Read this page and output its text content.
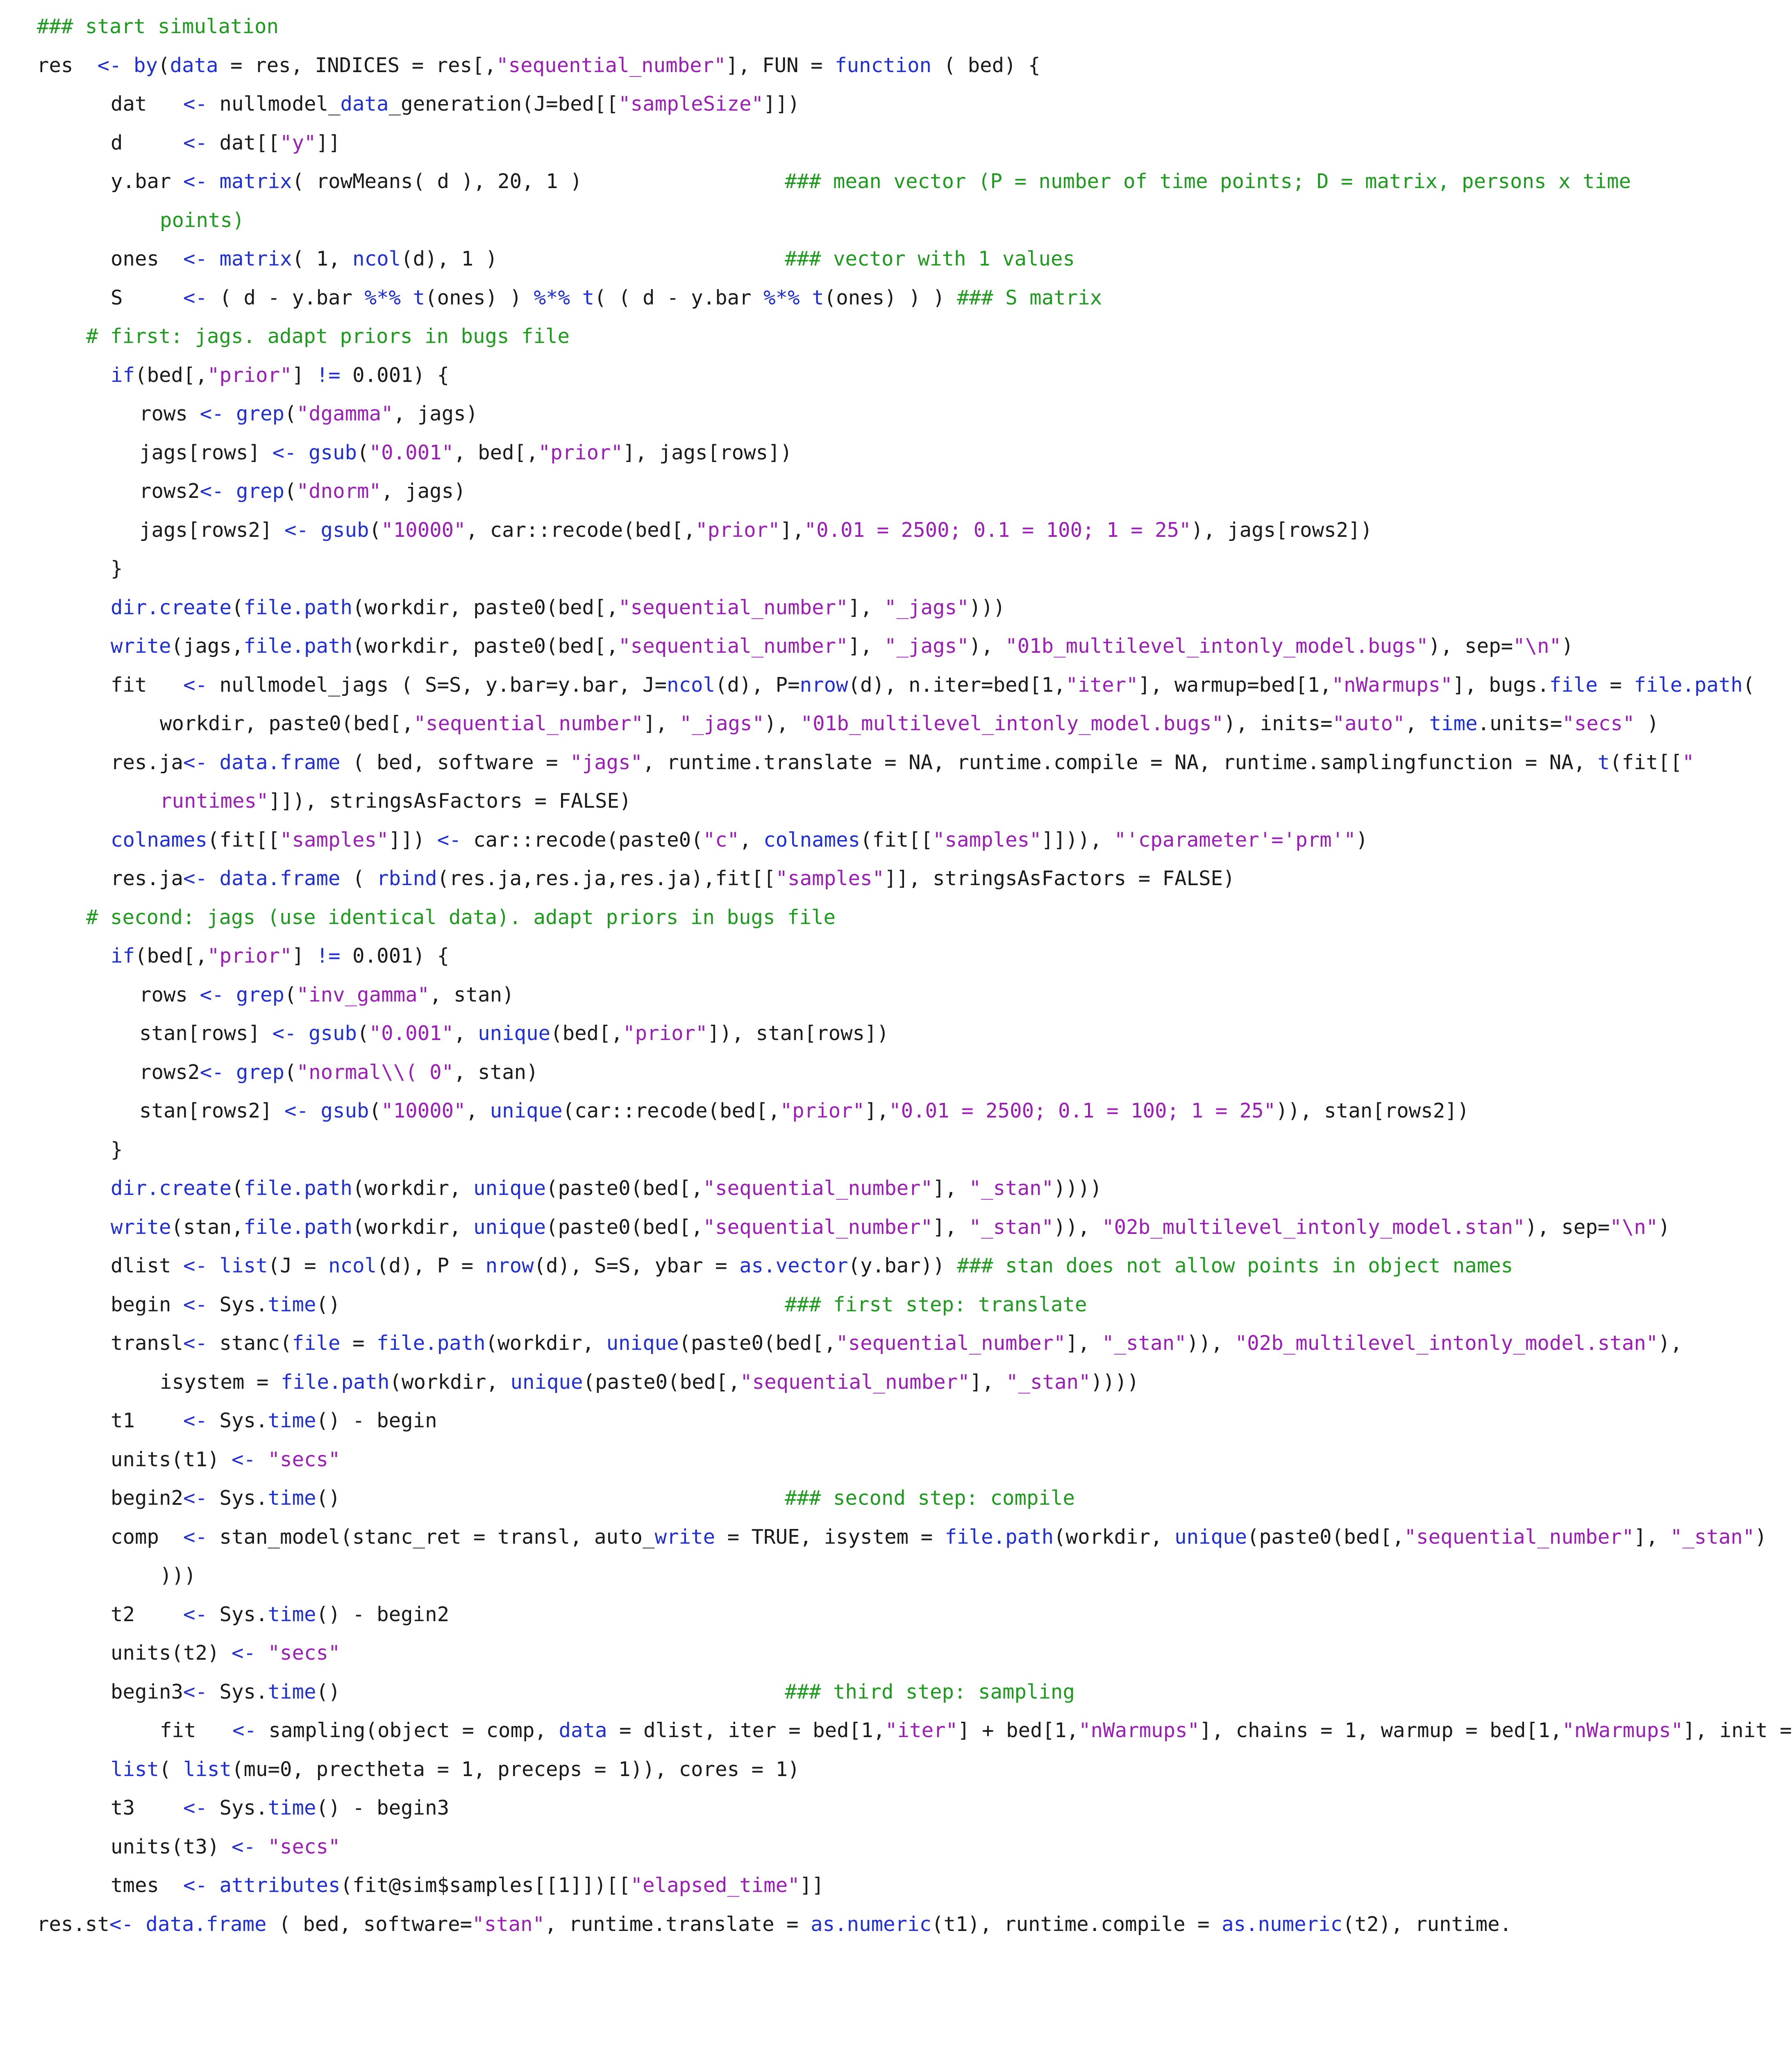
### start simulation
res  <- by(data = res, INDICES = res[,"sequential_number"], FUN = function ( bed) {
dat   <- nullmodel_data_generation(J=bed[["sampleSize"]])
d     <- dat[["y"]]
y.bar <- matrix( rowMeans( d ), 20, 1 )
points)
ones  <- matrix( 1, ncol(d), 1 )
S     <- ( d - y.bar %*% t(ones) ) %*% t( ( d - y.bar %*% t(ones) ) ) ### S matrix
# first: jags. adapt priors in bugs file
if(bed[,"prior"] != 0.001) {
rows <- grep("dgamma", jags)
jags[rows] <- gsub("0.001", bed[,"prior"], jags[rows])
rows2<- grep("dnorm", jags)
jags[rows2] <- gsub("10000", car::recode(bed[,"prior"],"0.01 = 2500; 0.1 = 100; 1 = 25"), jags[rows2])
}
dir.create(file.path(workdir, paste0(bed[,"sequential_number"], "_jags")))
write(jags,file.path(workdir, paste0(bed[,"sequential_number"], "_jags"), "01b_multilevel_intonly_model.bugs"), sep="\n")
fit   <- nullmodel_jags ( S=S, y.bar=y.bar, J=ncol(d), P=nrow(d), n.iter=bed[1,"iter"], warmup=bed[1,"nWarmups"], bugs.file = file.path(
workdir, paste0(bed[,"sequential_number"], "_jags"), "01b_multilevel_intonly_model.bugs"), inits="auto", time.units="secs" )
res.ja<- data.frame ( bed, software = "jags", runtime.translate = NA, runtime.compile = NA, runtime.samplingfunction = NA, t(fit[["
runtimes"]]), stringsAsFactors = FALSE)
colnames(fit[["samples"]]) <- car::recode(paste0("c", colnames(fit[["samples"]])), "'cparameter'='prm'")
res.ja<- data.frame ( rbind(res.ja,res.ja,res.ja),fit[["samples"]], stringsAsFactors = FALSE)
# second: jags (use identical data). adapt priors in bugs file
if(bed[,"prior"] != 0.001) {
rows <- grep("inv_gamma", stan)
stan[rows] <- gsub("0.001", unique(bed[,"prior"]), stan[rows])
rows2<- grep("normal\\( 0", stan)
stan[rows2] <- gsub("10000", unique(car::recode(bed[,"prior"],"0.01 = 2500; 0.1 = 100; 1 = 25")), stan[rows2])
}
dir.create(file.path(workdir, unique(paste0(bed[,"sequential_number"], "_stan"))))
write(stan,file.path(workdir, unique(paste0(bed[,"sequential_number"], "_stan")), "02b_multilevel_intonly_model.stan"), sep="\n")
dlist <- list(J = ncol(d), P = nrow(d), S=S, ybar = as.vector(y.bar)) ### stan does not allow points in object names
begin <- Sys.time()
transl<- stanc(file = file.path(workdir, unique(paste0(bed[,"sequential_number"], "_stan")), "02b_multilevel_intonly_model.stan"),
isystem = file.path(workdir, unique(paste0(bed[,"sequential_number"], "_stan"))))
t1    <- Sys.time() - begin
units(t1) <- "secs"
begin2<- Sys.time()
comp  <- stan_model(stanc_ret = transl, auto_write = TRUE, isystem = file.path(workdir, unique(paste0(bed[,"sequential_number"], "_stan")
)))
t2    <- Sys.time() - begin2
units(t2) <- "secs"
begin3<- Sys.time()
fit   <- sampling(object = comp, data = dlist, iter = bed[1,"iter"] + bed[1,"nWarmups"], chains = 1, warmup = bed[1,"nWarmups"], init =
list( list(mu=0, prectheta = 1, preceps = 1)), cores = 1)
t3    <- Sys.time() - begin3
units(t3) <- "secs"
tmes  <- attributes(fit@sim$samples[[1]])[["elapsed_time"]]
res.st<- data.frame ( bed, software="stan", runtime.translate = as.numeric(t1), runtime.compile = as.numeric(t2), runtime.
### mean vector (P = number of time points; D = matrix, persons x time
### vector with 1 values
### first step: translate
### second step: compile
### third step: sampling
